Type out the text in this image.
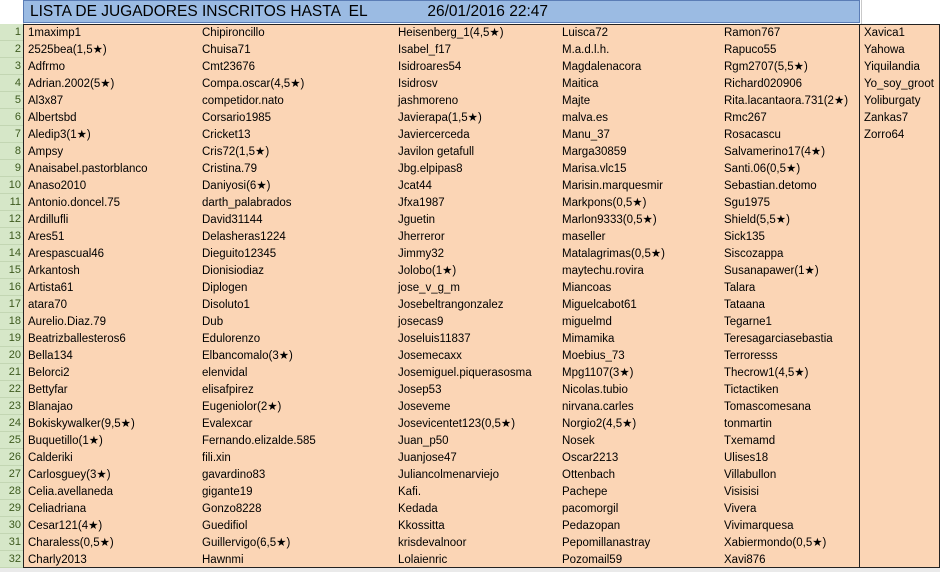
LISTA DE JUGADORES INSCRITOS HASTA  EL              26/01/2016 22:47
1
2
3
4
5
6
7
8
9
10
11
12
13
14
15
16
17
18
19
20
21
22
23
24
25
26
27
28
29
30
31
32
1maximp1
2525bea(1,5★)
Adfrmo
Adrian.2002(5★)
Al3x87
Albertsbd
Aledip3(1★)
Ampsy
Anaisabel.pastorblanco
Anaso2010
Antonio.doncel.75
Ardillufli
Ares51
Arespascual46
Arkantosh
Artista61
atara70
Aurelio.Diaz.79
Beatrizballesteros6
Bella134
Belorci2
Bettyfar
Blanajao
Bokiskywalker(9,5★)
Buquetillo(1★)
Calderiki
Carlosguey(3★)
Celia.avellaneda
Celiadriana
Cesar121(4★)
Charaless(0,5★)
Charly2013
Chipironcillo
Chuisa71
Cmt23676
Compa.oscar(4,5★)
competidor.nato
Corsario1985
Cricket13
Cris72(1,5★)
Cristina.79
Daniyosi(6★)
darth_palabrados
David31144
Delasheras1224
Dieguito12345
Dionisiodiaz
Diplogen
Disoluto1
Dub
Edulorenzo
Elbancomalo(3★)
elenvidal
elisafpirez
Eugeniolor(2★)
Evalexcar
Fernando.elizalde.585
fili.xin
gavardino83
gigante19
Gonzo8228
Guedifiol
Guillervigo(6,5★)
Hawnmi
Heisenberg_1(4,5★)
Isabel_f17
Isidroares54
Isidrosv
jashmoreno
Javierapa(1,5★)
Javiercerceda
Javilon getafull
Jbg.elpipas8
Jcat44
Jfxa1987
Jguetin
Jherreror
Jimmy32
Jolobo(1★)
jose_v_g_m
Josebeltrangonzalez
josecas9
Joseluis11837
Josemecaxx
Josemiguel.piquerasosma
Josep53
Joseveme
Josevicentet123(0,5★)
Juan_p50
Juanjose47
Juliancolmenarviejo
Kafi.
Kedada
Kkossitta
krisdevalnoor
Lolaienric
Luisca72
M.a.d.l.h.
Magdalenacora
Maitica
Majte
malva.es
Manu_37
Marga30859
Marisa.vlc15
Marisin.marquesmir
Markpons(0,5★)
Marlon9333(0,5★)
maseller
Matalagrimas(0,5★)
maytechu.rovira
Miancoas
Miguelcabot61
miguelmd
Mimamika
Moebius_73
Mpg1107(3★)
Nicolas.tubio
nirvana.carles
Norgio2(4,5★)
Nosek
Oscar2213
Ottenbach
Pachepe
pacomorgil
Pedazopan
Pepomillanastray
Pozomail59
Ramon767
Rapuco55
Rgm2707(5,5★)
Richard020906
Rita.lacantaora.731(2★)
Rmc267
Rosacascu
Salvamerino17(4★)
Santi.06(0,5★)
Sebastian.detomo
Sgu1975
Shield(5,5★)
Sick135
Siscozappa
Susanapawer(1★)
Talara
Tataana
Tegarne1
Teresagarciasebastia
Terroresss
Thecrow1(4,5★)
Tictactiken
Tomascomesana
tonmartin
Txemamd
Ulises18
Villabullon
Visisisi
Vivera
Vivimarquesa
Xabiermondo(0,5★)
Xavi876
Xavica1
Yahowa
Yiquilandia
Yo_soy_groot
Yoliburgaty
Zankas7
Zorro64
